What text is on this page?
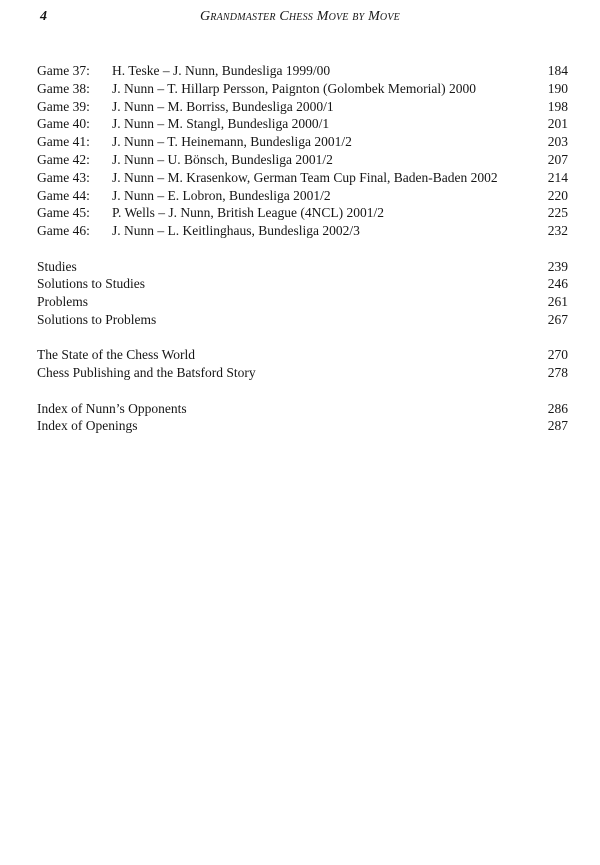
4	Grandmaster Chess Move by Move
Game 37: H. Teske – J. Nunn, Bundesliga 1999/00	184
Game 38: J. Nunn – T. Hillarp Persson, Paignton (Golombek Memorial) 2000	190
Game 39: J. Nunn – M. Borriss, Bundesliga 2000/1	198
Game 40: J. Nunn – M. Stangl, Bundesliga 2000/1	201
Game 41: J. Nunn – T. Heinemann, Bundesliga 2001/2	203
Game 42: J. Nunn – U. Bönsch, Bundesliga 2001/2	207
Game 43: J. Nunn – M. Krasenkow, German Team Cup Final, Baden-Baden 2002	214
Game 44: J. Nunn – E. Lobron, Bundesliga 2001/2	220
Game 45: P. Wells – J. Nunn, British League (4NCL) 2001/2	225
Game 46: J. Nunn – L. Keitlinghaus, Bundesliga 2002/3	232
Studies	239
Solutions to Studies	246
Problems	261
Solutions to Problems	267
The State of the Chess World	270
Chess Publishing and the Batsford Story	278
Index of Nunn’s Opponents	286
Index of Openings	287
